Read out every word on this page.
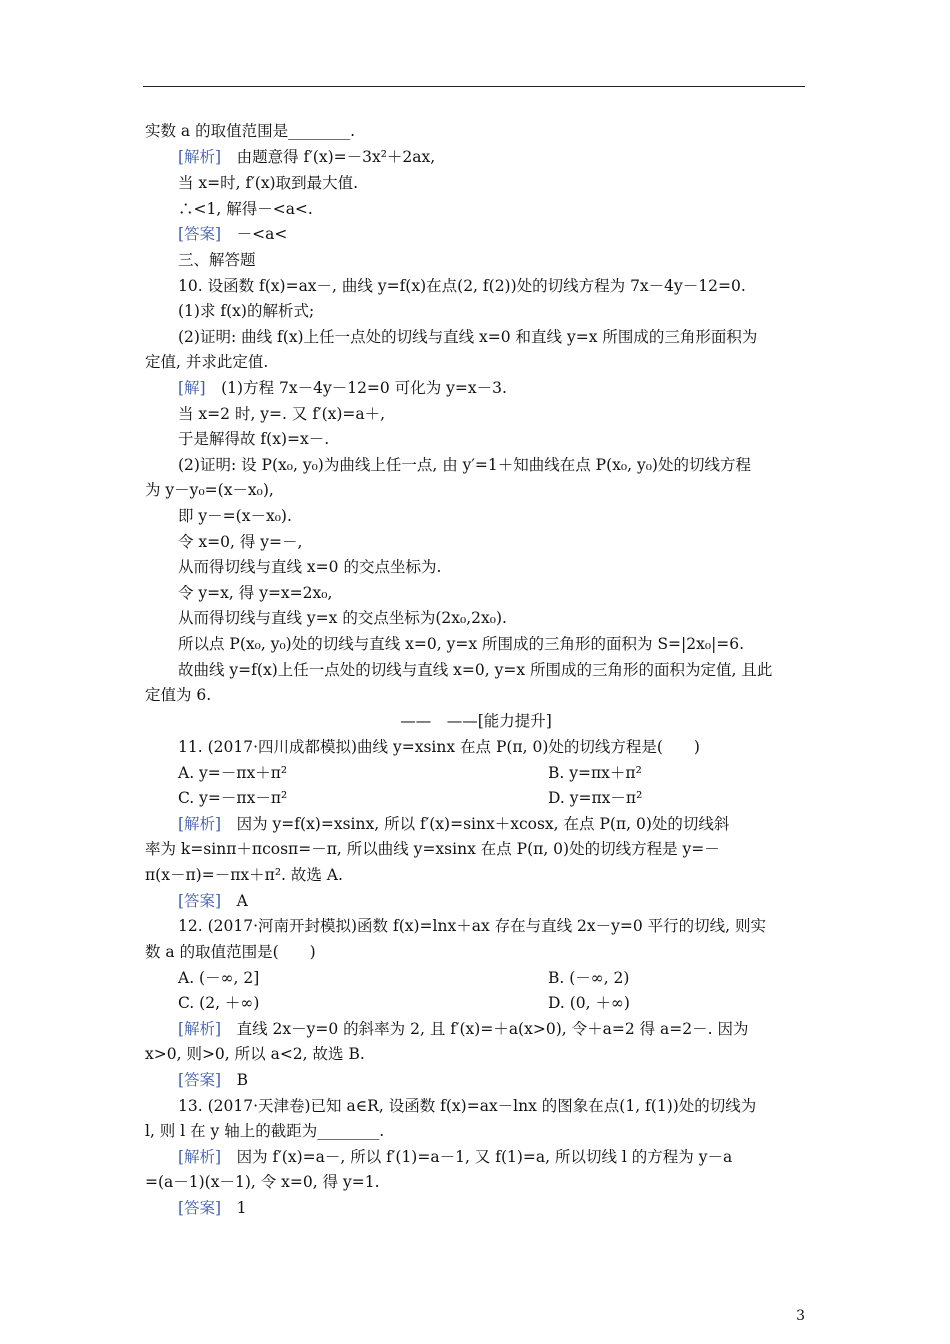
——　——[能力提升]
实数 a 的取值范围是________.
[解析]　由题意得 f′(x)=－3x²＋2ax,
当 x=时, f′(x)取到最大值.
∴<1, 解得－<a<.
[答案]　－<a<
三、解答题
10. 设函数 f(x)=ax－, 曲线 y=f(x)在点(2, f(2))处的切线方程为 7x－4y－12=0.
(1)求 f(x)的解析式;
(2)证明: 曲线 f(x)上任一点处的切线与直线 x=0 和直线 y=x 所围成的三角形面积为
定值, 并求此定值.
[解]　(1)方程 7x－4y－12=0 可化为 y=x－3.
当 x=2 时, y=. 又 f′(x)=a＋,
于是解得故 f(x)=x－.
(2)证明: 设 P(x₀, y₀)为曲线上任一点, 由 y′=1＋知曲线在点 P(x₀, y₀)处的切线方程
为 y－y₀=(x－x₀),
即 y－=(x－x₀).
令 x=0, 得 y=－,
从而得切线与直线 x=0 的交点坐标为.
令 y=x, 得 y=x=2x₀,
从而得切线与直线 y=x 的交点坐标为(2x₀,2x₀).
所以点 P(x₀, y₀)处的切线与直线 x=0, y=x 所围成的三角形的面积为 S=|2x₀|=6.
故曲线 y=f(x)上任一点处的切线与直线 x=0, y=x 所围成的三角形的面积为定值, 且此
定值为 6.
11. (2017·四川成都模拟)曲线 y=xsinx 在点 P(π, 0)处的切线方程是(　　)
[解析]　因为 y=f(x)=xsinx, 所以 f′(x)=sinx＋xcosx, 在点 P(π, 0)处的切线斜
率为 k=sinπ＋πcosπ=－π, 所以曲线 y=xsinx 在点 P(π, 0)处的切线方程是 y=－
π(x－π)=－πx＋π². 故选 A.
[答案]　A
12. (2017·河南开封模拟)函数 f(x)=lnx＋ax 存在与直线 2x－y=0 平行的切线, 则实
数 a 的取值范围是(　　)
[解析]　直线 2x－y=0 的斜率为 2, 且 f′(x)=＋a(x>0), 令＋a=2 得 a=2－. 因为
x>0, 则>0, 所以 a<2, 故选 B.
[答案]　B
13. (2017·天津卷)已知 a∈R, 设函数 f(x)=ax－lnx 的图象在点(1, f(1))处的切线为
l, 则 l 在 y 轴上的截距为________.
[解析]　因为 f′(x)=a－, 所以 f′(1)=a－1, 又 f(1)=a, 所以切线 l 的方程为 y－a
=(a－1)(x－1), 令 x=0, 得 y=1.
[答案]　1
A. y=－πx＋π²	B. y=πx＋π²
C. y=－πx－π²	D. y=πx－π²
A. (－∞, 2]	B. (－∞, 2)
C. (2, ＋∞)	D. (0, ＋∞)
3
